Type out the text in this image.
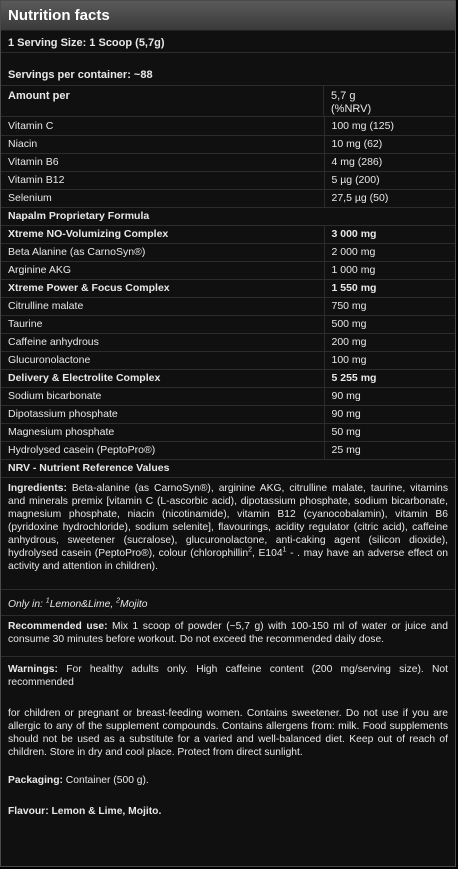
Nutrition facts
1 Serving Size: 1 Scoop (5,7g)
Servings per container: ~88
Amount per	5,7 g
(%NRV)
Vitamin C	100 mg (125)
Niacin	10 mg (62)
Vitamin B6	4 mg (286)
Vitamin B12	5 µg (200)
Selenium	27,5 µg (50)
Napalm Proprietary Formula	
Xtreme NO-Volumizing Complex	3 000 mg
Beta Alanine (as CarnoSyn®)	2 000 mg
Arginine AKG	1 000 mg
Xtreme Power & Focus Complex	1 550 mg
Citrulline malate	750 mg
Taurine	500 mg
Caffeine anhydrous	200 mg
Glucuronolactone	100 mg
Delivery & Electrolite Complex	5 255 mg
Sodium bicarbonate	90 mg
Dipotassium phosphate	90 mg
Magnesium phosphate	50 mg
Hydrolysed casein (PeptoPro®)	25 mg
NRV - Nutrient Reference Values	
Ingredients: Beta-alanine (as CarnoSyn®), arginine AKG, citrulline malate, taurine, vitamins and minerals premix [vitamin C (L-ascorbic acid), dipotassium phosphate, sodium bicarbonate, magnesium phosphate, niacin (nicotinamide), vitamin B12 (cyanocobalamin), vitamin B6 (pyridoxine hydrochloride), sodium selenite], flavourings, acidity regulator (citric acid), caffeine anhydrous, sweetener (sucralose), glucuronolactone, anti-caking agent (silicon dioxide), hydrolysed casein (PeptoPro®), colour (chlorophillin$^2$, $E104^1$ - . may have an adverse effect on activity and attention in children).
Only in: $^1$Lemon&Lime, $^2$Mojito
Recommended use: Mix 1 scoop of powder (~5,7 g) with 100-150 ml of water or juice and consume 30 minutes before workout. Do not exceed the recommended daily dose.
Warnings: For healthy adults only. High caffeine content (200 mg/serving size). Not recommended
for children or pregnant or breast-feeding women. Contains sweetener. Do not use if you are allergic to any of the supplement compounds. Contains allergens from: milk. Food supplements should not be used as a substitute for a varied and well-balanced diet. Keep out of reach of children. Store in dry and cool place. Protect from direct sunlight.
Packaging: Container (500 g).
Flavour: Lemon & Lime, Mojito.
